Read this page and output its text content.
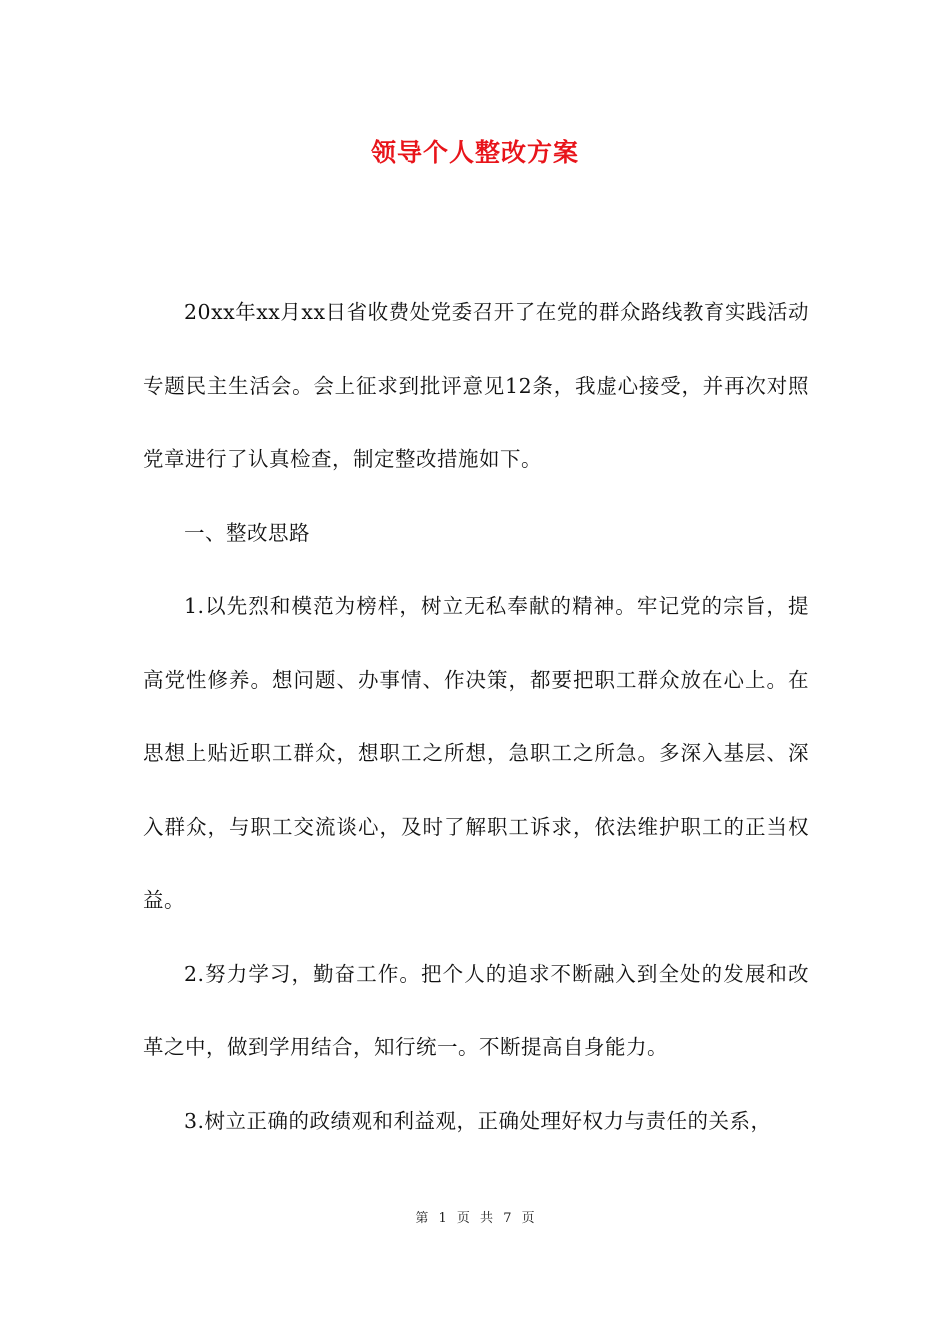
领导个人整改方案

20xx年xx月xx日省收费处党委召开了在党的群众路线教育实践活动专题民主生活会。会上征求到批评意见12条，我虚心接受，并再次对照党章进行了认真检查，制定整改措施如下。

一、整改思路

1.以先烈和模范为榜样，树立无私奉献的精神。牢记党的宗旨，提高党性修养。想问题、办事情、作决策，都要把职工群众放在心上。在思想上贴近职工群众，想职工之所想，急职工之所急。多深入基层、深入群众，与职工交流谈心，及时了解职工诉求，依法维护职工的正当权益。

2.努力学习，勤奋工作。把个人的追求不断融入到全处的发展和改革之中，做到学用结合，知行统一。不断提高自身能力。

3.树立正确的政绩观和利益观，正确处理好权力与责任的关系，

第 1 页 共 7 页
